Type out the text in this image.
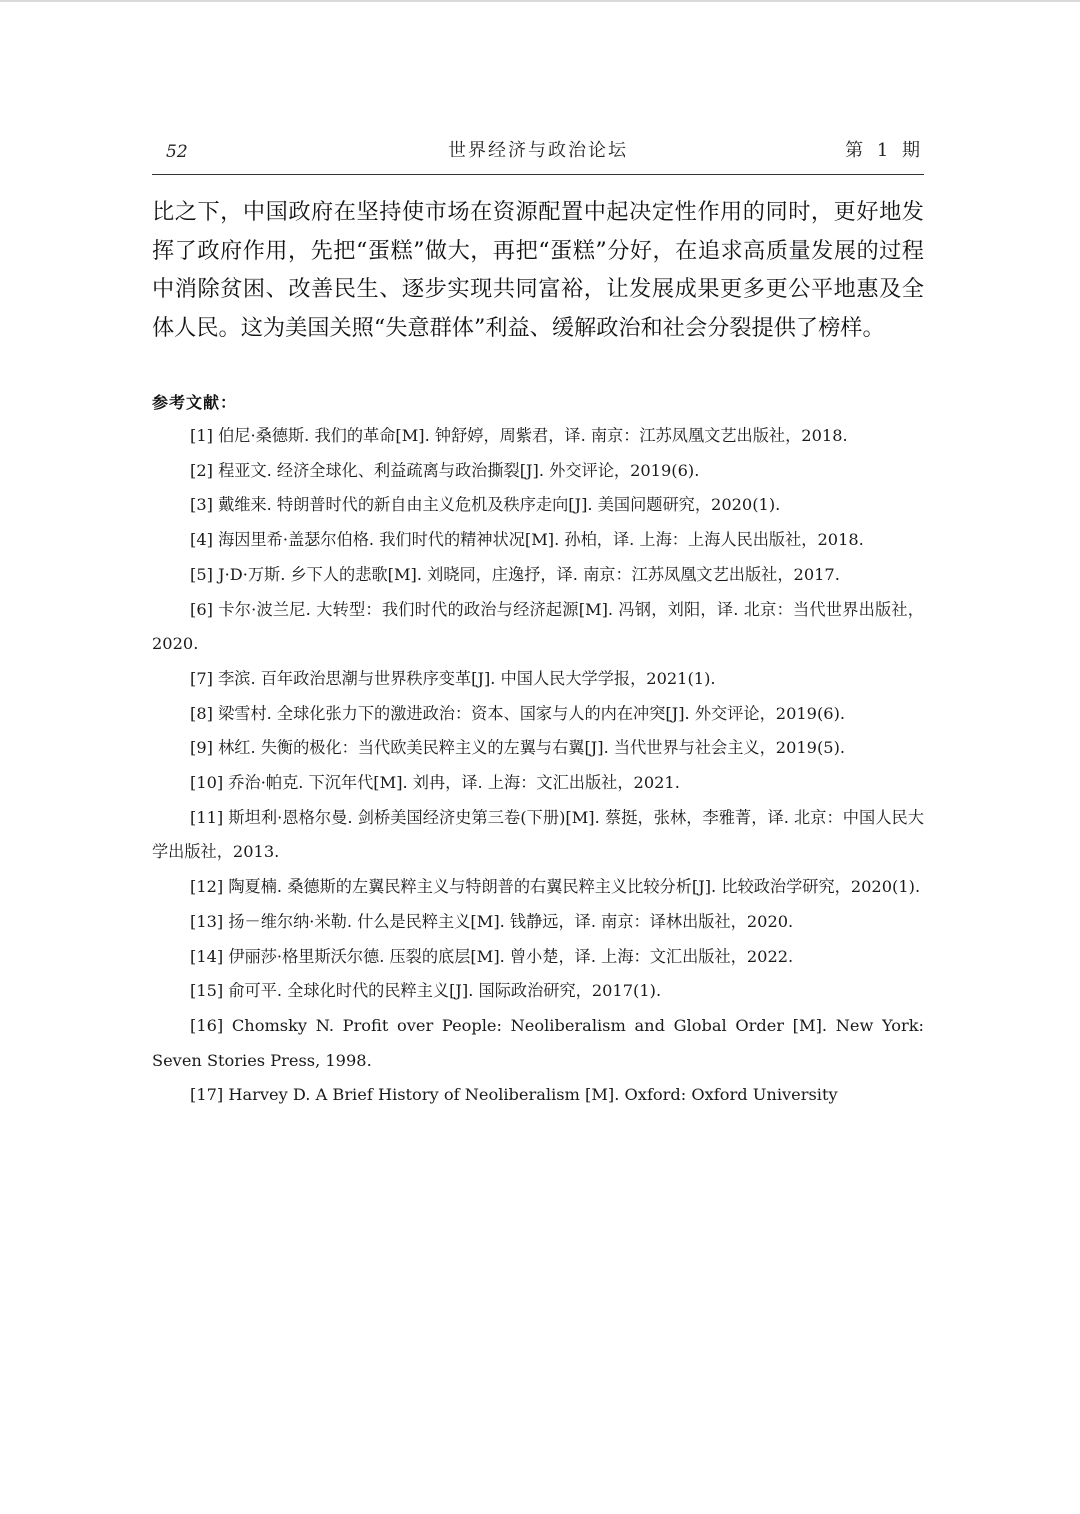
52	世界经济与政治论坛	第 1 期

比之下，中国政府在坚持使市场在资源配置中起决定性作用的同时，更好地发挥了政府作用，先把“蛋糕”做大，再把“蛋糕”分好，在追求高质量发展的过程中消除贫困、改善民生、逐步实现共同富裕，让发展成果更多更公平地惠及全体人民。这为美国关照“失意群体”利益、缓解政治和社会分裂提供了榜样。

参考文献：

[1] 伯尼·桑德斯. 我们的革命[M]. 钟舒婷，周紫君，译. 南京：江苏凤凰文艺出版社，2018.

[2] 程亚文. 经济全球化、利益疏离与政治撕裂[J]. 外交评论，2019(6).

[3] 戴维来. 特朗普时代的新自由主义危机及秩序走向[J]. 美国问题研究，2020(1).

[4] 海因里希·盖瑟尔伯格. 我们时代的精神状况[M]. 孙柏，译. 上海：上海人民出版社，2018.

[5] J·D·万斯. 乡下人的悲歌[M]. 刘晓同，庄逸抒，译. 南京：江苏凤凰文艺出版社，2017.

[6] 卡尔·波兰尼. 大转型：我们时代的政治与经济起源[M]. 冯钢，刘阳，译. 北京：当代世界出版社，2020.

[7] 李滨. 百年政治思潮与世界秩序变革[J]. 中国人民大学学报，2021(1).

[8] 梁雪村. 全球化张力下的激进政治：资本、国家与人的内在冲突[J]. 外交评论，2019(6).

[9] 林红. 失衡的极化：当代欧美民粹主义的左翼与右翼[J]. 当代世界与社会主义，2019(5).

[10] 乔治·帕克. 下沉年代[M]. 刘冉，译. 上海：文汇出版社，2021.

[11] 斯坦利·恩格尔曼. 剑桥美国经济史第三卷(下册)[M]. 蔡挺，张林，李雅菁，译. 北京：中国人民大学出版社，2013.

[12] 陶夏楠. 桑德斯的左翼民粹主义与特朗普的右翼民粹主义比较分析[J]. 比较政治学研究，2020(1).

[13] 扬－维尔纳·米勒. 什么是民粹主义[M]. 钱静远，译. 南京：译林出版社，2020.

[14] 伊丽莎·格里斯沃尔德. 压裂的底层[M]. 曾小楚，译. 上海：文汇出版社，2022.

[15] 俞可平. 全球化时代的民粹主义[J]. 国际政治研究，2017(1).

[16] Chomsky N. Profit over People: Neoliberalism and Global Order [M]. New York: Seven Stories Press, 1998.

[17] Harvey D. A Brief History of Neoliberalism [M]. Oxford: Oxford University
